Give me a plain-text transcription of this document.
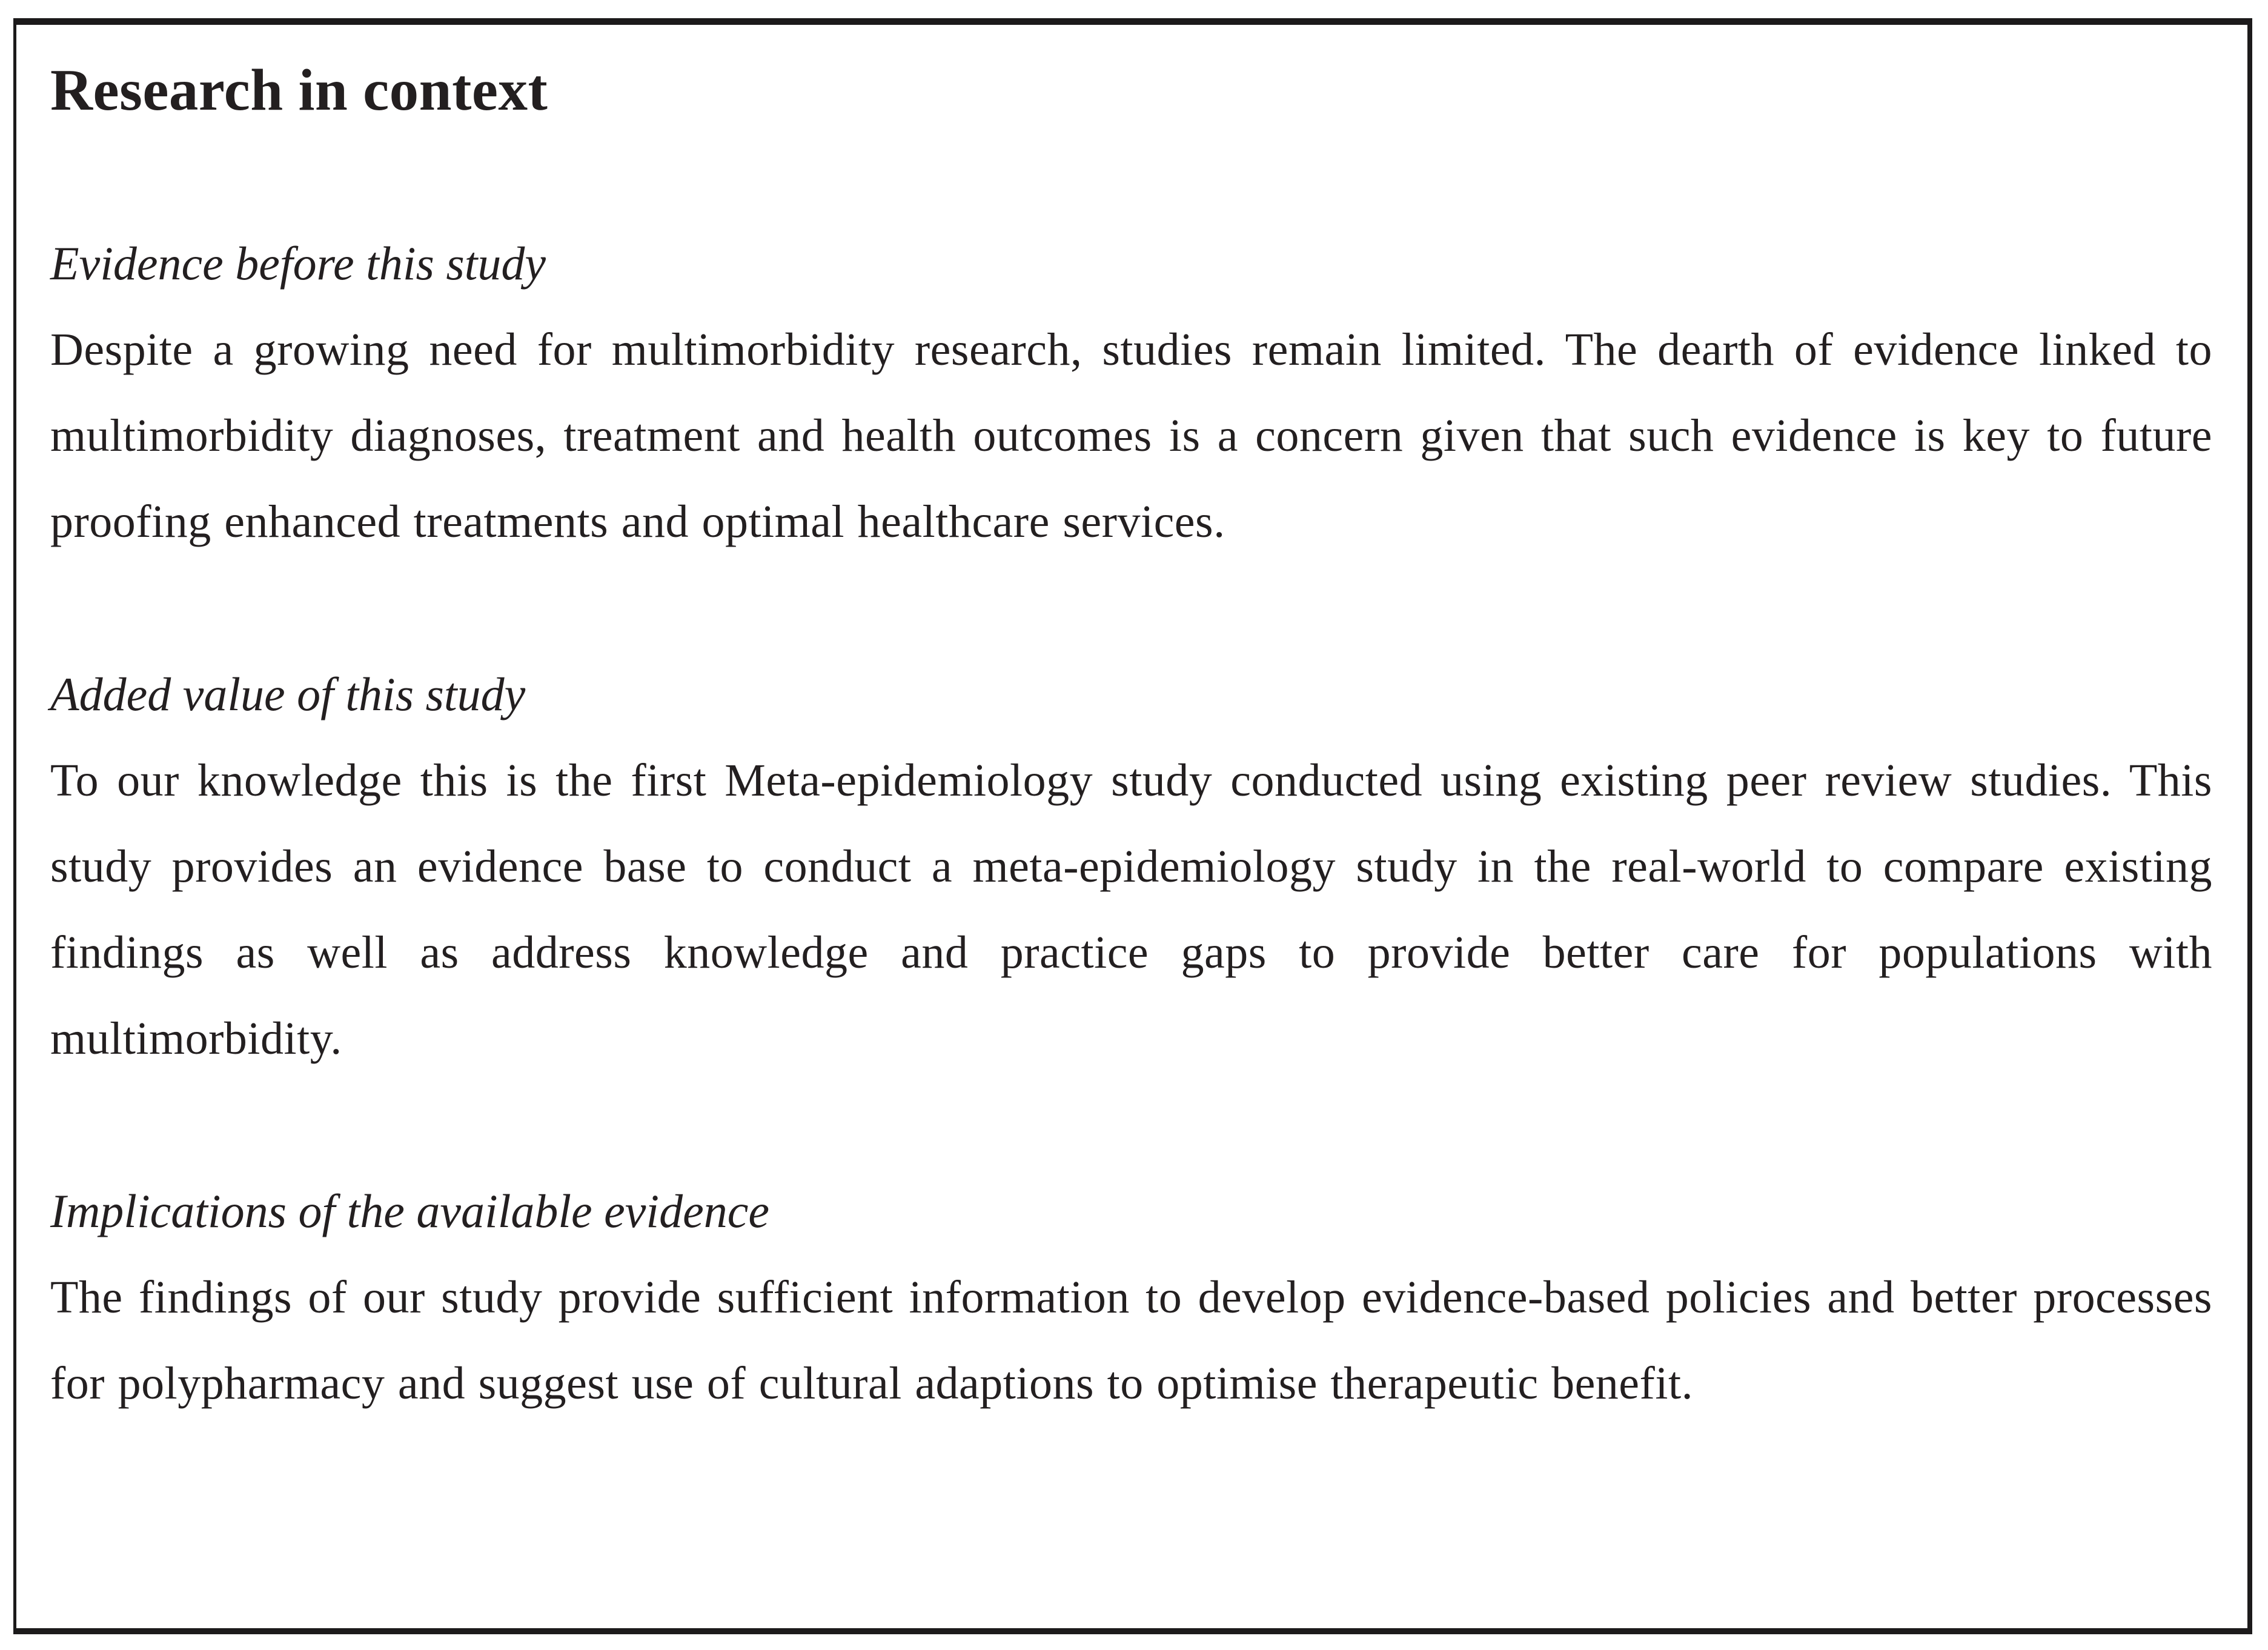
Research in context
Evidence before this study

Despite a growing need for multimorbidity research, studies remain limited. The dearth of evidence linked to multimorbidity diagnoses, treatment and health outcomes is a concern given that such evidence is key to future proofing enhanced treatments and optimal healthcare services.

Added value of this study

To our knowledge this is the first Meta-epidemiology study conducted using existing peer review studies. This study provides an evidence base to conduct a meta-epidemiology study in the real-world to compare existing findings as well as address knowledge and practice gaps to provide better care for populations with multimorbidity.

Implications of the available evidence

The findings of our study provide sufficient information to develop evidence-based policies and better processes for polypharmacy and suggest use of cultural adaptions to optimise therapeutic benefit.
